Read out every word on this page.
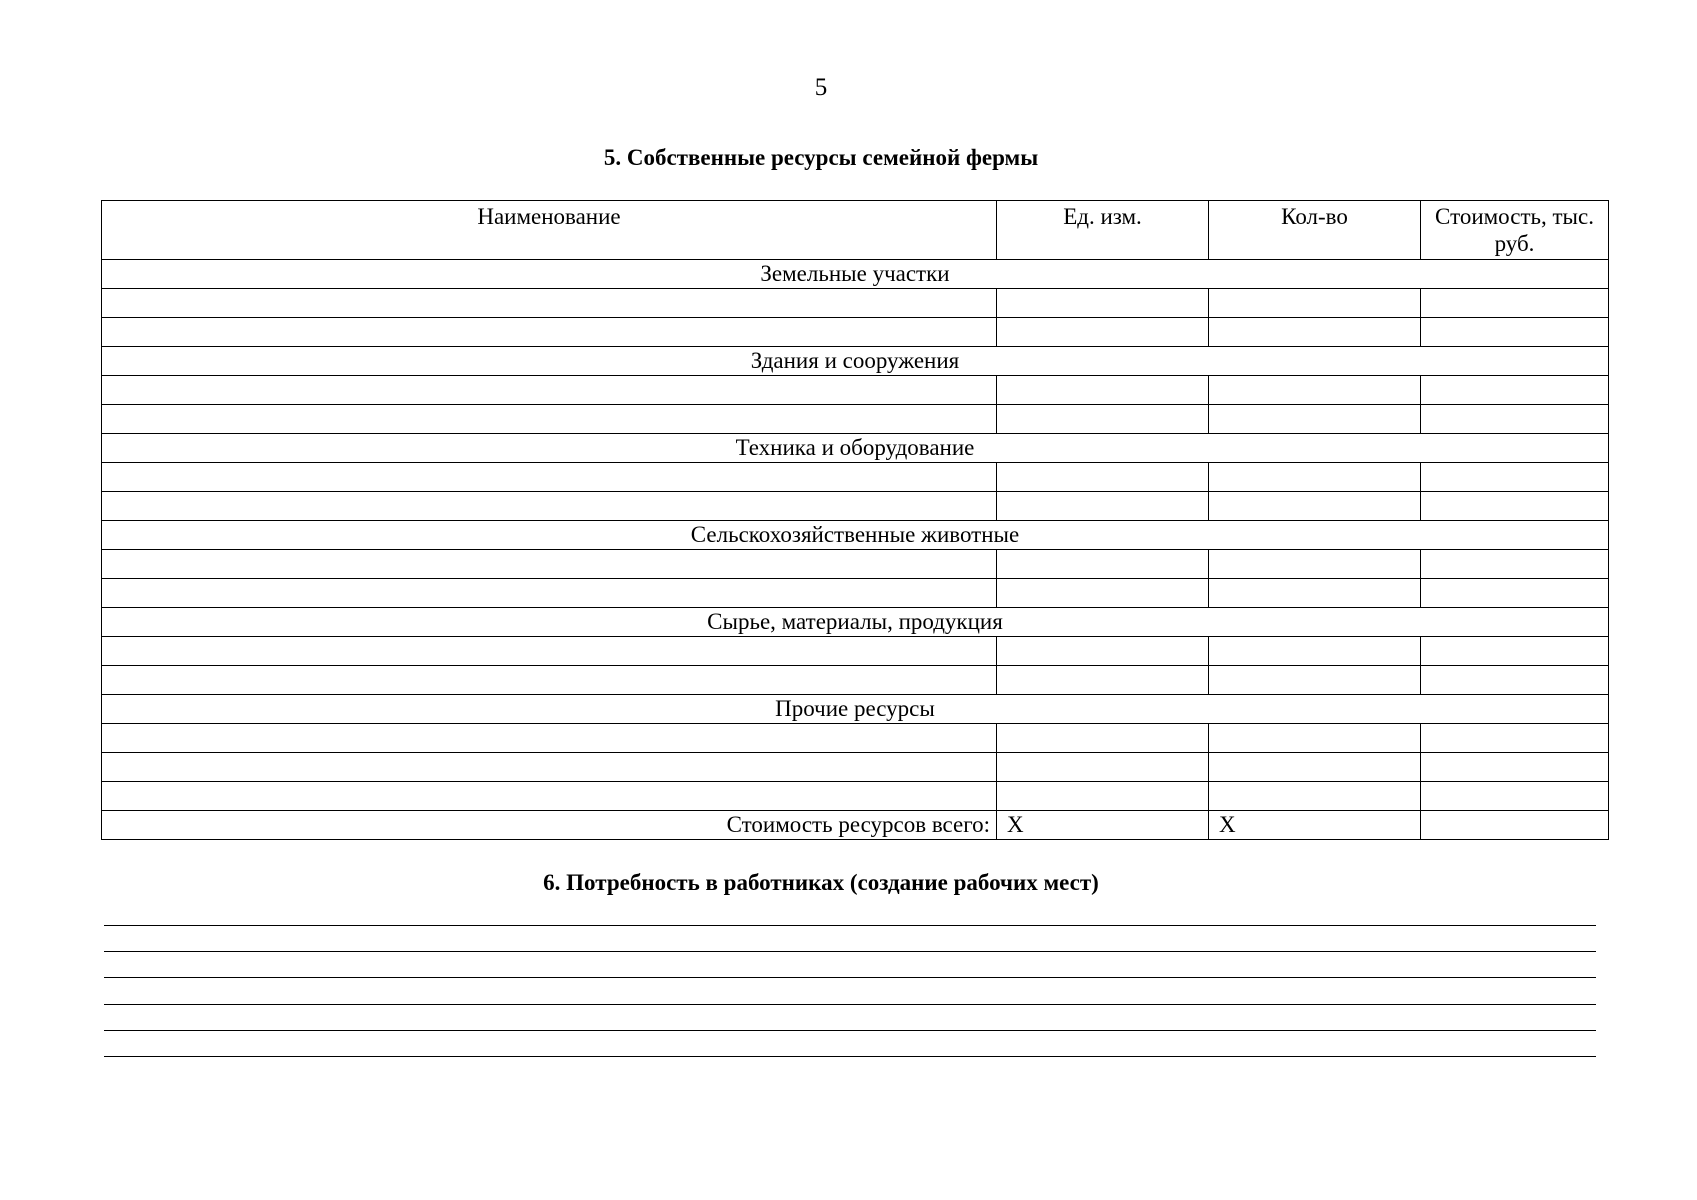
5
5. Собственные ресурсы семейной фермы
Наименование	Ед. изм.	Кол-во	Стоимость, тыс. руб.
Земельные участки			

Здания и сооружения			

Техника и оборудование			

Сельскохозяйственные животные			

Сырье, материалы, продукция			

Прочие ресурсы			

Стоимость ресурсов всего:	X	X	
6. Потребность в работниках (создание рабочих мест)
